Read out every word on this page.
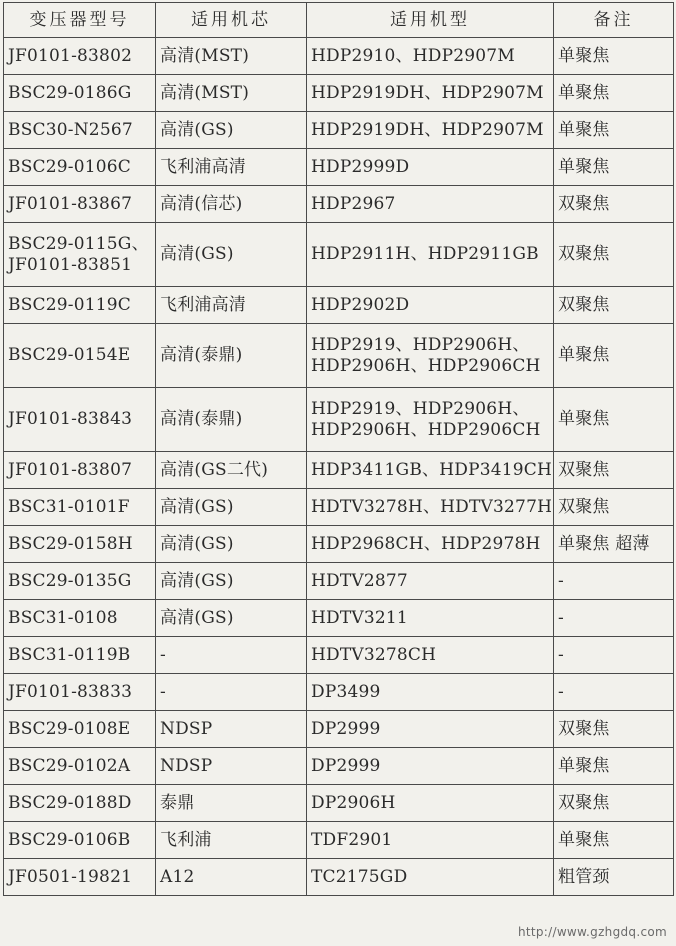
变压器型号	适用机芯	适用机型	备注
JF0101-83802	高清(MST)	HDP2910、HDP2907M	单聚焦
BSC29-0186G	高清(MST)	HDP2919DH、HDP2907M	单聚焦
BSC30-N2567	高清(GS)	HDP2919DH、HDP2907M	单聚焦
BSC29-0106C	飞利浦高清	HDP2999D	单聚焦
JF0101-83867	高清(信芯)	HDP2967	双聚焦
BSC29-0115G、JF0101-83851	高清(GS)	HDP2911H、HDP2911GB	双聚焦
BSC29-0119C	飞利浦高清	HDP2902D	双聚焦
BSC29-0154E	高清(泰鼎)	HDP2919、HDP2906H、HDP2906H、HDP2906CH	单聚焦
JF0101-83843	高清(泰鼎)	HDP2919、HDP2906H、HDP2906H、HDP2906CH	单聚焦
JF0101-83807	高清(GS二代)	HDP3411GB、HDP3419CH	双聚焦
BSC31-0101F	高清(GS)	HDTV3278H、HDTV3277H	双聚焦
BSC29-0158H	高清(GS)	HDP2968CH、HDP2978H	单聚焦 超薄
BSC29-0135G	高清(GS)	HDTV2877	-
BSC31-0108	高清(GS)	HDTV3211	-
BSC31-0119B	-	HDTV3278CH	-
JF0101-83833	-	DP3499	-
BSC29-0108E	NDSP	DP2999	双聚焦
BSC29-0102A	NDSP	DP2999	单聚焦
BSC29-0188D	泰鼎	DP2906H	双聚焦
BSC29-0106B	飞利浦	TDF2901	单聚焦
JF0501-19821	A12	TC2175GD	粗管颈
http://www.gzhgdq.com
